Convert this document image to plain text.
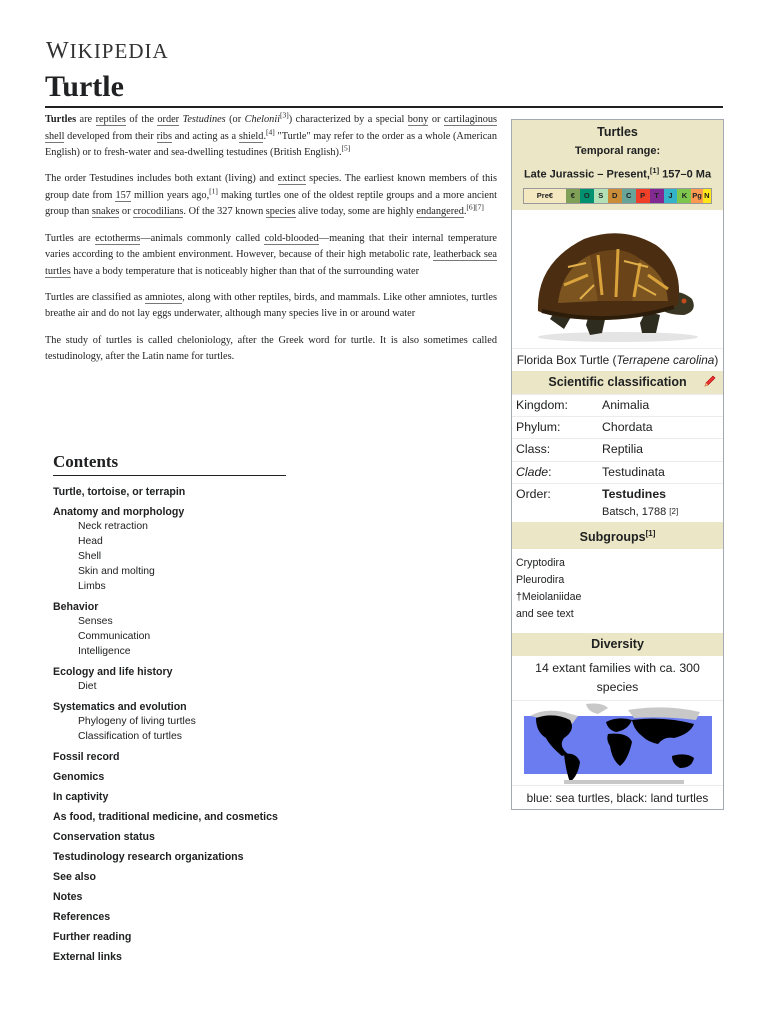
WIKIPEDIA
Turtle

Turtles are reptiles of the order Testudines (or Chelonii[3]) characterized by a special bony or cartilaginous shell developed from their ribs and acting as a shield.[4] "Turtle" may refer to the order as a whole (American English) or to fresh-water and sea-dwelling testudines (British English).[5]

The order Testudines includes both extant (living) and extinct species. The earliest known members of this group date from 157 million years ago,[1] making turtles one of the oldest reptile groups and a more ancient group than snakes or crocodilians. Of the 327 known species alive today, some are highly endangered.[6][7]

Turtles are ectotherms—animals commonly called cold-blooded—meaning that their internal temperature varies according to the ambient environment. However, because of their high metabolic rate, leatherback sea turtles have a body temperature that is noticeably higher than that of the surrounding water

Turtles are classified as amniotes, along with other reptiles, birds, and mammals. Like other amniotes, turtles breathe air and do not lay eggs underwater, although many species live in or around water

The study of turtles is called cheloniology, after the Greek word for turtle. It is also sometimes called testudinology, after the Latin name for turtles.

Contents
Turtle, tortoise, or terrapin
Anatomy and morphology
Neck retraction
Head
Shell
Skin and molting
Limbs
Behavior
Senses
Communication
Intelligence
Ecology and life history
Diet
Systematics and evolution
Phylogeny of living turtles
Classification of turtles
Fossil record
Genomics
In captivity
As food, traditional medicine, and cosmetics
Conservation status
Testudinology research organizations
See also
Notes
References
Further reading
External links
Turtles
Temporal range:
Late Jurassic – Present,[1] 157–0 Ma
Pre€	€	O	S	D	C	P	T	J	K Pg N
Florida Box Turtle (Terrapene carolina)
Scientific classification
Kingdom:	Animalia
Phylum:	Chordata
Class:	Reptilia
Clade:	Testudinata
Order:	Testudines
Batsch, 1788
[2]
Subgroups[1]
Cryptodira
Pleurodira
†Meiolaniidae
and see text
Diversity
14 extant families with ca. 300 species
blue: sea turtles, black: land turtles
